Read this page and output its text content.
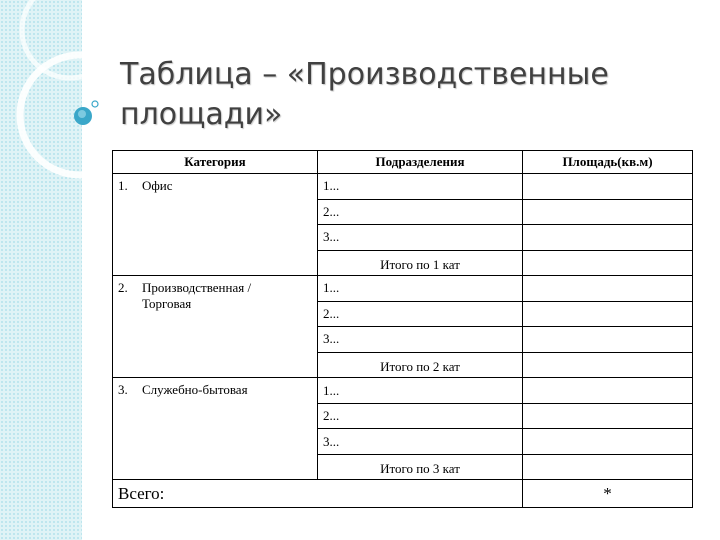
Таблица – «Производственные площади»
Категория	Подразделения	Площадь(кв.м)
1. Офис	1...	
	2...	
	3...	
	Итого по 1 кат	
2. Производственная / Торговая	1...	
	2...	
	3...	
	Итого по 2 кат	
3. Служебно-бытовая	1...	
	2...	
	3...	
	Итого по 3 кат	
Всего:		*
